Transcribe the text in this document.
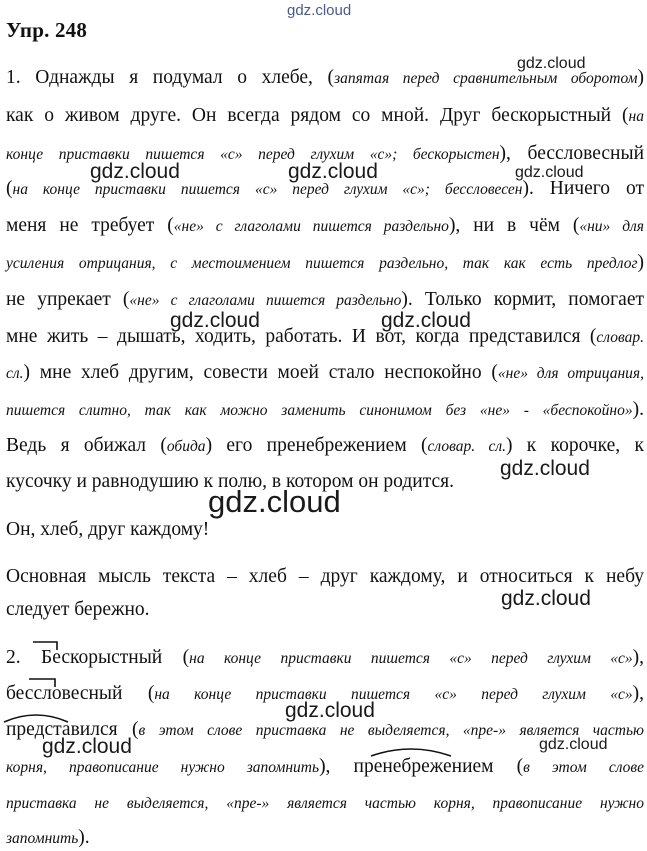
gdz.cloud
gdz.cloud
gdz.cloud	gdz.cloud	gdz.cloud
gdz.cloud	gdz.cloud
gdz.cloud
gdz.cloud
gdz.cloud
gdz.cloud
gdz.cloud	gdz.cloud
Упр. 248
1. Однажды я подумал о хлебе, (запятая перед сравнительным оборотом)
как о живом друге. Он всегда рядом со мной. Друг бескорыстный (на
конце приставки пишется «с» перед глухим «с»; бескорыстен), бессловесный
(на конце приставки пишется «с» перед глухим «с»; бессловесен). Ничего от
меня не требует («не» с глаголами пишется раздельно), ни в чём («ни» для
усиления отрицания, с местоимением пишется раздельно, так как есть предлог)
не упрекает («не» с глаголами пишется раздельно). Только кормит, помогает
мне жить – дышать, ходить, работать. И вот, когда представился (словар.
сл.) мне хлеб другим, совести моей стало неспокойно («не» для отрицания,
пишется слитно, так как можно заменить синонимом без «не» - «беспокойно»).
Ведь я обижал (обида) его пренебрежением (словар. сл.) к корочке, к
кусочку и равнодушию к полю, в котором он родится.
Он, хлеб, друг каждому!
Основная мысль текста – хлеб – друг каждому, и относиться к небу
следует бережно.
2. Бескорыстный (на конце приставки пишется «с» перед глухим «с»),
бессловесный (на конце приставки пишется «с» перед глухим «с»),
представился (в этом слове приставка не выделяется, «пре-» является частью
корня, правописание нужно запомнить), пренебрежением (в этом слове
приставка не выделяется, «пре-» является частью корня, правописание нужно
запомнить).
